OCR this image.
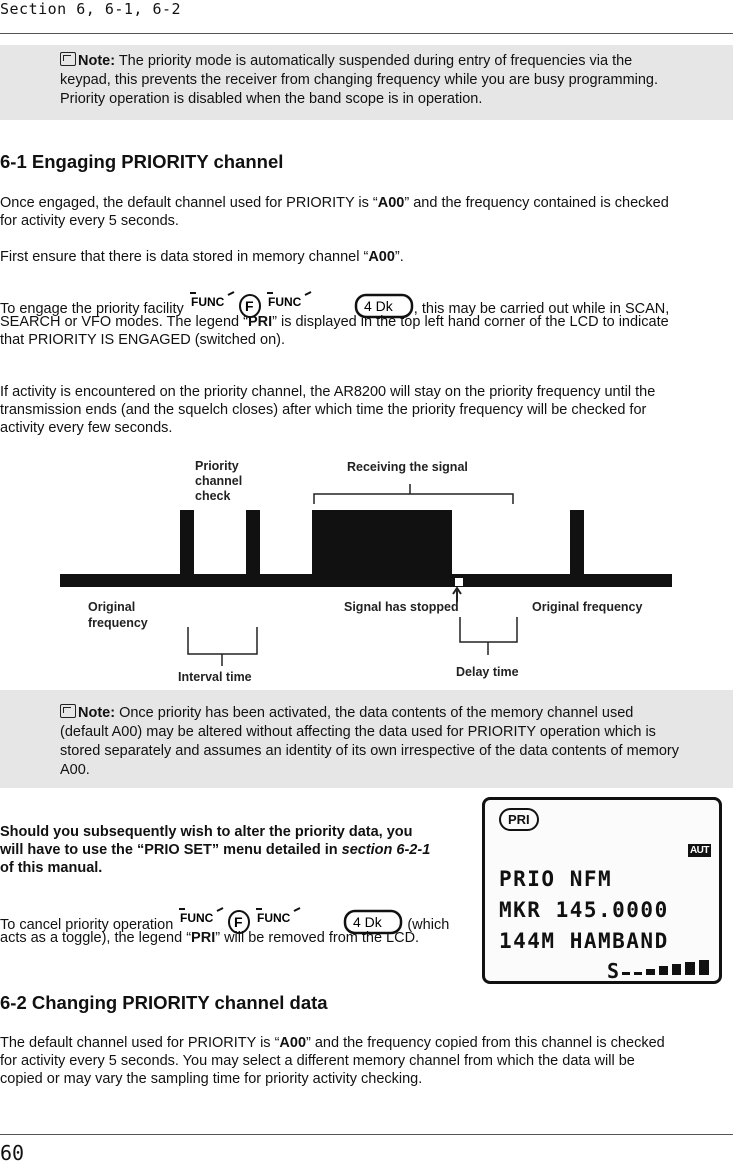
Section 6, 6-1, 6-2
Note: The priority mode is automatically suspended during entry of frequencies via the
keypad, this prevents the receiver from changing frequency while you are busy programming.
Priority operation is disabled when the band scope is in operation.
6-1 Engaging PRIORITY channel
Once engaged, the default channel used for PRIORITY is “A00” and the frequency contained is checked
for activity every 5 seconds.
First ensure that there is data stored in memory channel “A00”.
To engage the priority facility FUNC F FUNC	4 Dk , this may be carried out while in SCAN,
SEARCH or VFO modes. The legend “PRI” is displayed in the top left hand corner of the LCD to indicate
that PRIORITY IS ENGAGED (switched on).
If activity is encountered on the priority channel, the AR8200 will stay on the priority frequency until the
transmission ends (and the squelch closes) after which time the priority frequency will be checked for
activity every few seconds.
Priority
channel
check
Receiving the signal
Original
frequency
Signal has stopped	Original frequency
Interval time	Delay time
Note: Once priority has been activated, the data contents of the memory channel used
(default A00) may be altered without affecting the data used for PRIORITY operation which is
stored separately and assumes an identity of its own irrespective of the data contents of memory
A00.
Should you subsequently wish to alter the priority data, you
will have to use the “PRIO SET” menu detailed in section 6-2-1
of this manual.
To cancel priority operation FUNC F FUNC	4 Dk (which
acts as a toggle), the legend “PRI” will be removed from the LCD.
PRI
AUT
PRIO NFM
MKR 145.0000
144M HAMBAND
S
6-2 Changing PRIORITY channel data
The default channel used for PRIORITY is “A00” and the frequency copied from this channel is checked
for activity every 5 seconds. You may select a different memory channel from which the data will be
copied or may vary the sampling time for priority activity checking.
60
